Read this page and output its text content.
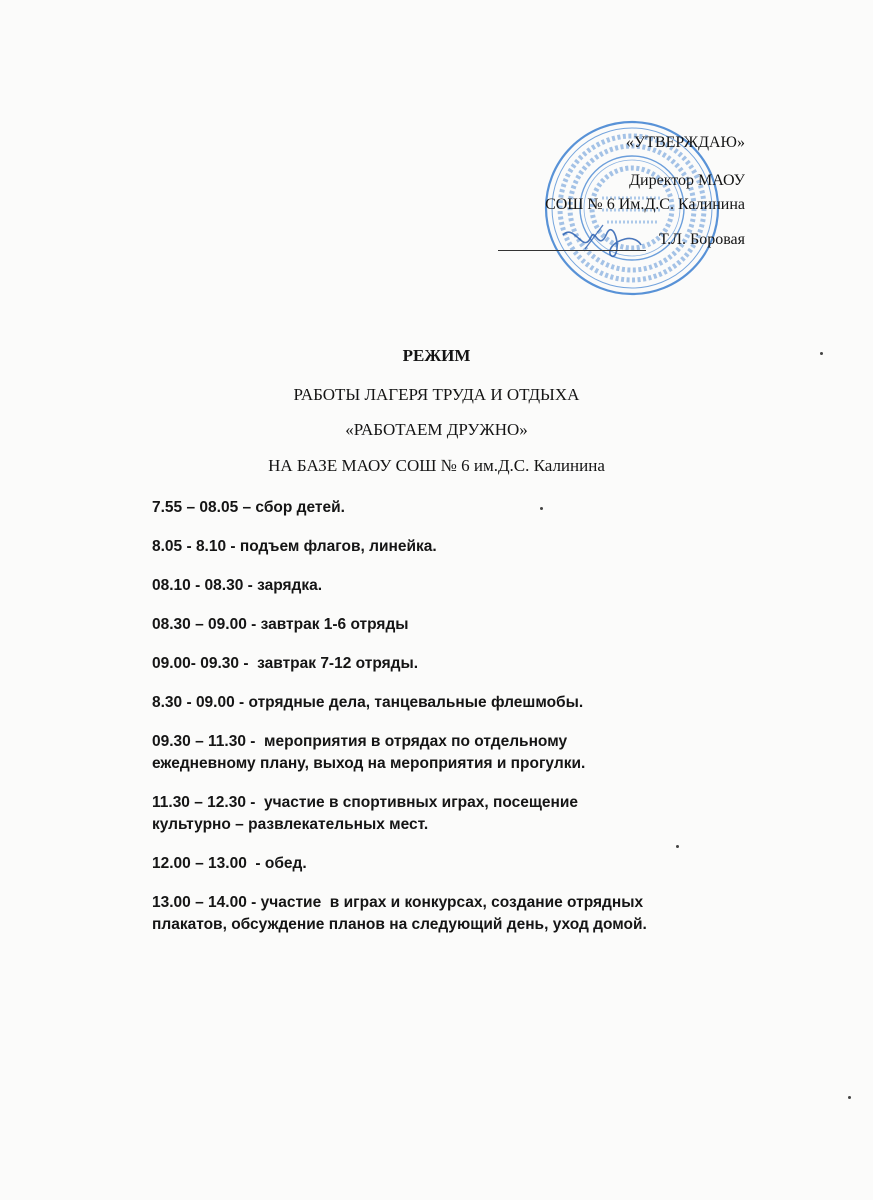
«УТВЕРЖДАЮ»
Директор МАОУ
СОШ № 6 Им.Д.С. Калинина
Т.Л. Боровая
РЕЖИМ
РАБОТЫ ЛАГЕРЯ ТРУДА И ОТДЫХА
«РАБОТАЕМ ДРУЖНО»
НА БАЗЕ МАОУ СОШ № 6 им.Д.С. Калинина
7.55 – 08.05 – сбор детей.
8.05 - 8.10 - подъем флагов, линейка.
08.10 - 08.30 - зарядка.
08.30 – 09.00 - завтрак 1-6 отряды
09.00- 09.30 -  завтрак 7-12 отряды.
8.30 - 09.00 - отрядные дела, танцевальные флешмобы.
09.30 – 11.30 -  мероприятия в отрядах по отдельному
ежедневному плану, выход на мероприятия и прогулки.
11.30 – 12.30 -  участие в спортивных играх, посещение
культурно – развлекательных мест.
12.00 – 13.00  - обед.
13.00 – 14.00 - участие  в играх и конкурсах, создание отрядных
плакатов, обсуждение планов на следующий день, уход домой.
